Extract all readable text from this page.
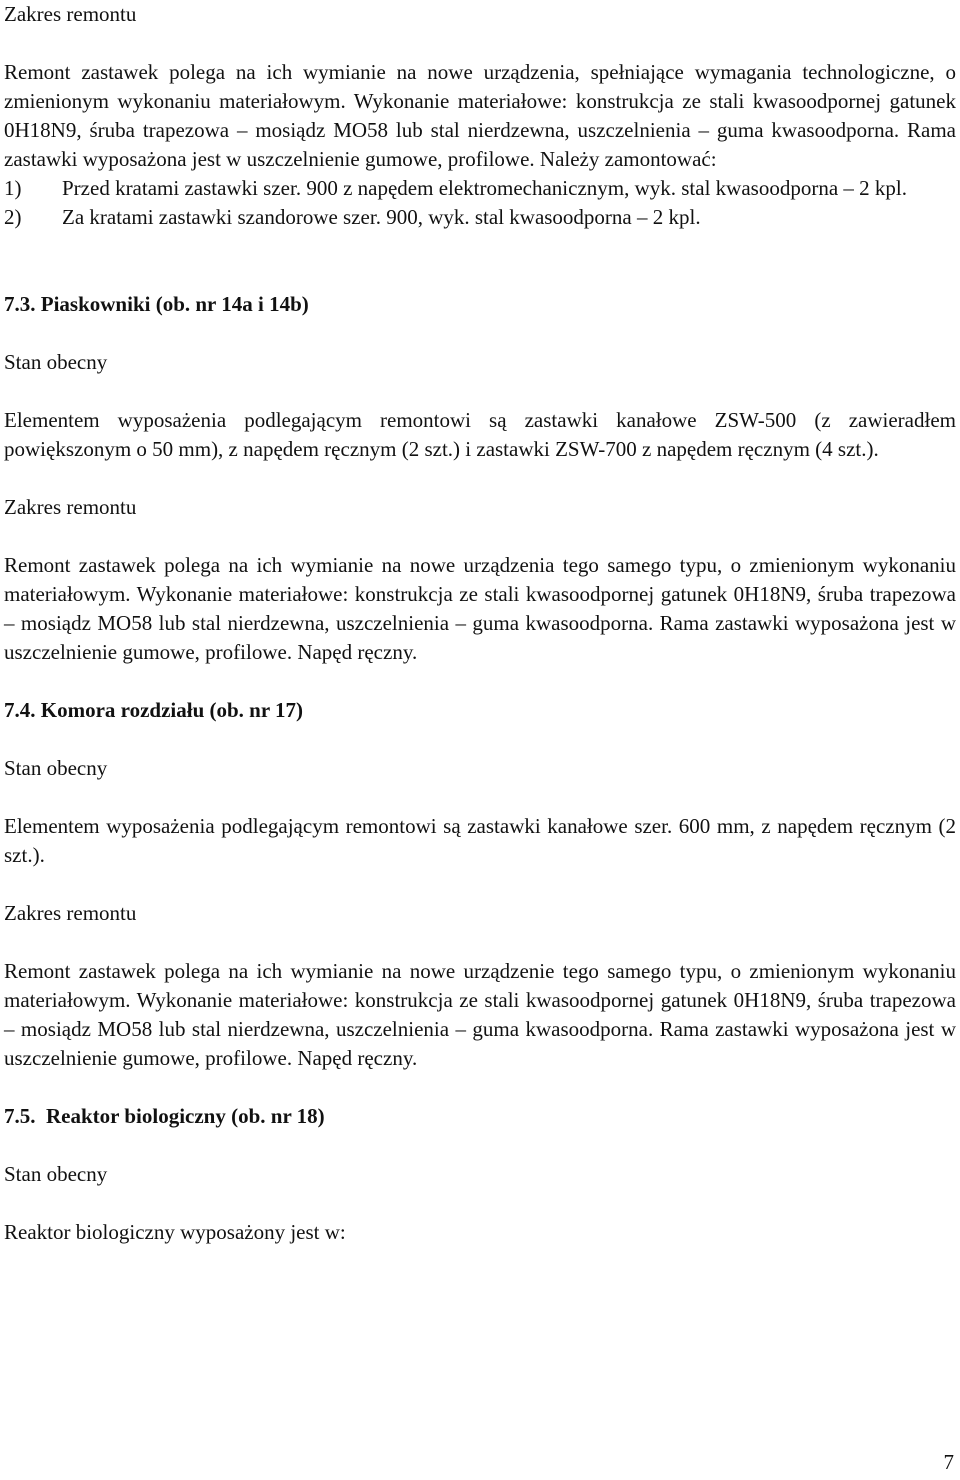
Zakres remontu

Remont zastawek polega na ich wymianie na nowe urządzenia, spełniające wymagania technologiczne, o zmienionym wykonaniu materiałowym. Wykonanie materiałowe: konstrukcja ze stali kwasoodpornej gatunek 0H18N9, śruba trapezowa – mosiądz MO58 lub stal nierdzewna, uszczelnienia – guma kwasoodporna. Rama zastawki wyposażona jest w uszczelnienie gumowe, profilowe. Należy zamontować:

1)	Przed kratami zastawki szer. 900 z napędem elektromechanicznym, wyk. stal kwasoodporna – 2 kpl.
2)	Za kratami zastawki szandorowe szer. 900, wyk. stal kwasoodporna – 2 kpl.

7.3. Piaskowniki (ob. nr 14a i 14b)

Stan obecny

Elementem wyposażenia podlegającym remontowi są zastawki kanałowe ZSW-500 (z zawieradłem powiększonym o 50 mm), z napędem ręcznym (2 szt.) i zastawki ZSW-700 z napędem ręcznym (4 szt.).

Zakres remontu

Remont zastawek polega na ich wymianie na nowe urządzenia tego samego typu, o zmienionym wykonaniu materiałowym. Wykonanie materiałowe: konstrukcja ze stali kwasoodpornej gatunek 0H18N9, śruba trapezowa – mosiądz MO58 lub stal nierdzewna, uszczelnienia – guma kwasoodporna. Rama zastawki wyposażona jest w uszczelnienie gumowe, profilowe. Napęd ręczny.

7.4. Komora rozdziału (ob. nr 17)

Stan obecny

Elementem wyposażenia podlegającym remontowi są zastawki kanałowe szer. 600 mm, z napędem ręcznym (2 szt.).

Zakres remontu

Remont zastawek polega na ich wymianie na nowe urządzenie tego samego typu, o zmienionym wykonaniu materiałowym. Wykonanie materiałowe: konstrukcja ze stali kwasoodpornej gatunek 0H18N9, śruba trapezowa – mosiądz MO58 lub stal nierdzewna, uszczelnienia – guma kwasoodporna. Rama zastawki wyposażona jest w uszczelnienie gumowe, profilowe. Napęd ręczny.

7.5.  Reaktor biologiczny (ob. nr 18)

Stan obecny

Reaktor biologiczny wyposażony jest w:

7
